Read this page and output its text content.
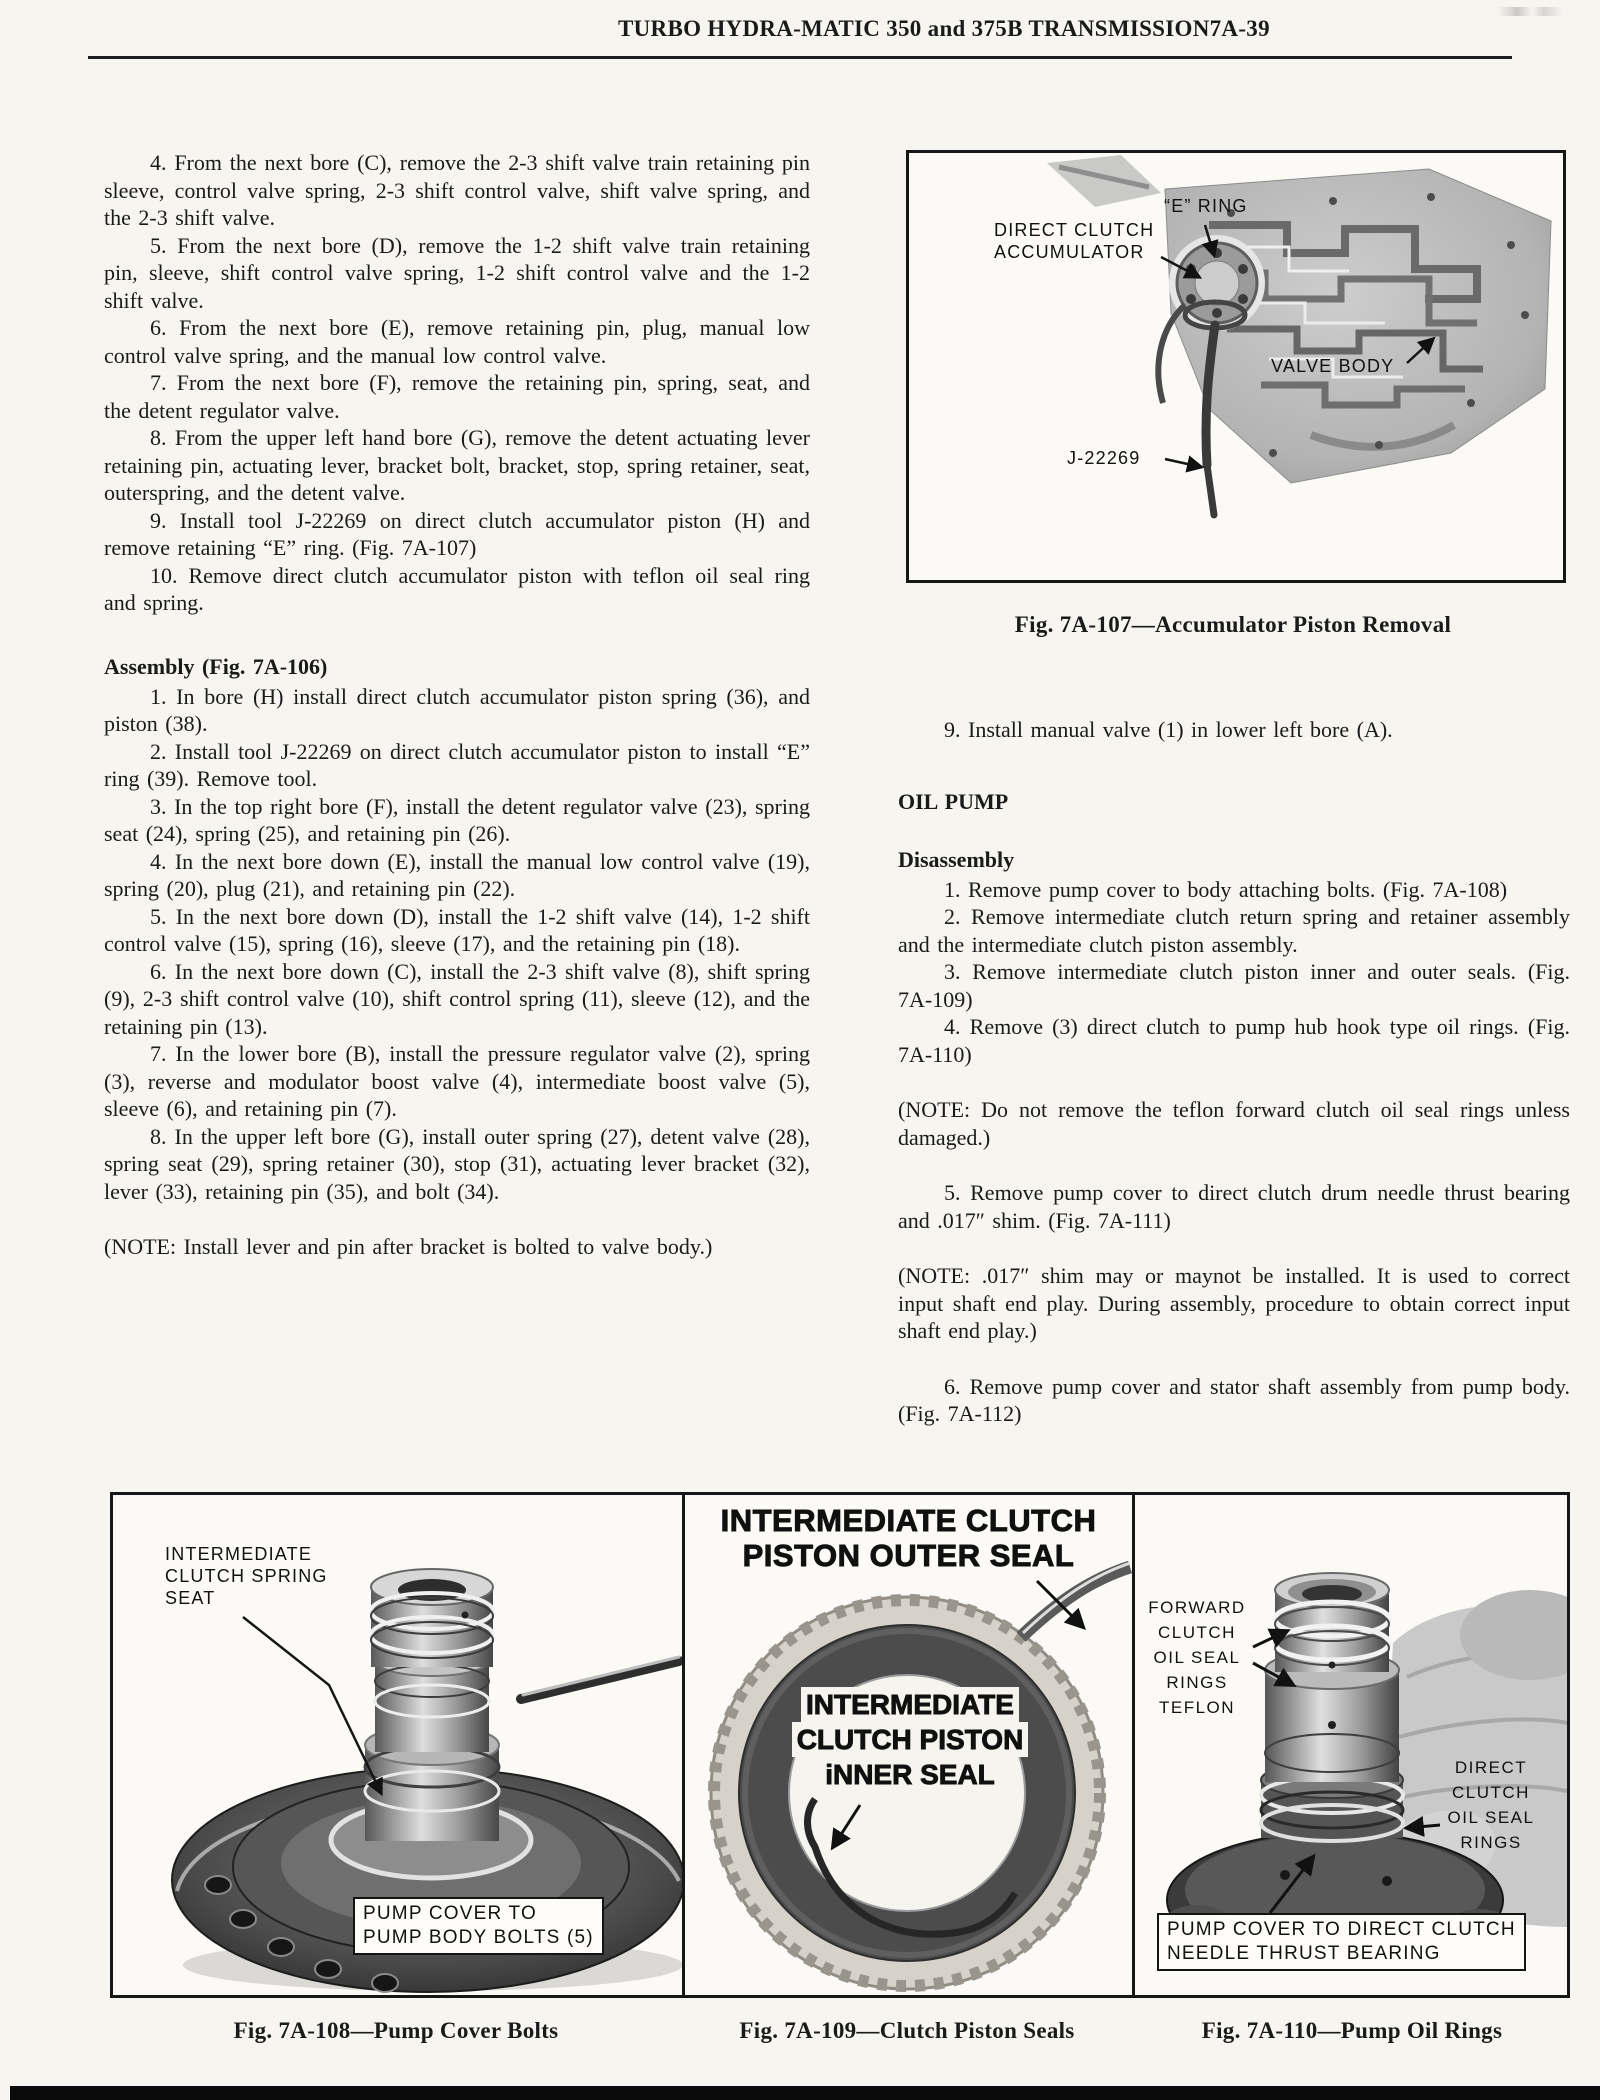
TURBO HYDRA-MATIC 350 and 375B TRANSMISSION 7A-39

4. From the next bore (C), remove the 2-3 shift valve train retaining pin sleeve, control valve spring, 2-3 shift control valve, shift valve spring, and the 2-3 shift valve.

5. From the next bore (D), remove the 1-2 shift valve train retaining pin, sleeve, shift control valve spring, 1-2 shift control valve and the 1-2 shift valve.

6. From the next bore (E), remove retaining pin, plug, manual low control valve spring, and the manual low control valve.

7. From the next bore (F), remove the retaining pin, spring, seat, and the detent regulator valve.

8. From the upper left hand bore (G), remove the detent actuating lever retaining pin, actuating lever, bracket bolt, bracket, stop, spring retainer, seat, outerspring, and the detent valve.

9. Install tool J-22269 on direct clutch accumulator piston (H) and remove retaining “E” ring. (Fig. 7A-107)

10. Remove direct clutch accumulator piston with teflon oil seal ring and spring.

Assembly (Fig. 7A-106)

1. In bore (H) install direct clutch accumulator piston spring (36), and piston (38).

2. Install tool J-22269 on direct clutch accumulator piston to install “E” ring (39). Remove tool.

3. In the top right bore (F), install the detent regulator valve (23), spring seat (24), spring (25), and retaining pin (26).

4. In the next bore down (E), install the manual low control valve (19), spring (20), plug (21), and retaining pin (22).

5. In the next bore down (D), install the 1-2 shift valve (14), 1-2 shift control valve (15), spring (16), sleeve (17), and the retaining pin (18).

6. In the next bore down (C), install the 2-3 shift valve (8), shift spring (9), 2-3 shift control valve (10), shift control spring (11), sleeve (12), and the retaining pin (13).

7. In the lower bore (B), install the pressure regulator valve (2), spring (3), reverse and modulator boost valve (4), intermediate boost valve (5), sleeve (6), and retaining pin (7).

8. In the upper left bore (G), install outer spring (27), detent valve (28), spring seat (29), spring retainer (30), stop (31), actuating lever bracket (32), lever (33), retaining pin (35), and bolt (34).

(NOTE: Install lever and pin after bracket is bolted to valve body.)

DIRECT CLUTCH
ACCUMULATOR
“E” RING
J-22269
VALVE BODY
Fig. 7A-107—Accumulator Piston Removal

9. Install manual valve (1) in lower left bore (A).

OIL PUMP
Disassembly

1. Remove pump cover to body attaching bolts. (Fig. 7A-108)

2. Remove intermediate clutch return spring and retainer assembly and the intermediate clutch piston assembly.

3. Remove intermediate clutch piston inner and outer seals. (Fig. 7A-109)

4. Remove (3) direct clutch to pump hub hook type oil rings. (Fig. 7A-110)

(NOTE: Do not remove the teflon forward clutch oil seal rings unless damaged.)

5. Remove pump cover to direct clutch drum needle thrust bearing and .017″ shim. (Fig. 7A-111)

(NOTE: .017″ shim may or maynot be installed. It is used to correct input shaft end play. During assembly, procedure to obtain correct input shaft end play.)

6. Remove pump cover and stator shaft assembly from pump body. (Fig. 7A-112)

INTERMEDIATE
CLUTCH SPRING
SEAT
PUMP COVER TO
PUMP BODY BOLTS (5)
INTERMEDIATE CLUTCH
PISTON OUTER SEAL
INTERMEDIATE
CLUTCH PISTON
iNNER SEAL
FORWARD
CLUTCH
OIL SEAL
RINGS
TEFLON
DIRECT
CLUTCH
OIL SEAL
RINGS
PUMP COVER TO DIRECT CLUTCH
NEEDLE THRUST BEARING
Fig. 7A-108—Pump Cover Bolts	Fig. 7A-109—Clutch Piston Seals	Fig. 7A-110—Pump Oil Rings
